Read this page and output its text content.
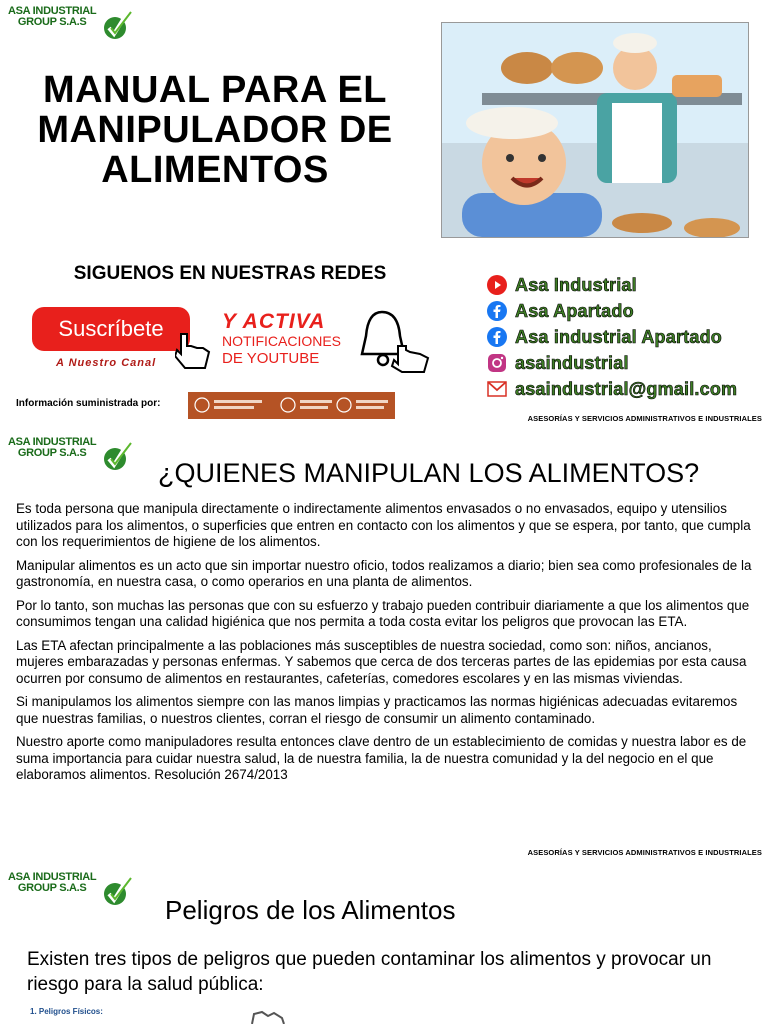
ASA INDUSTRIAL
GROUP S.A.S
MANUAL PARA EL
MANIPULADOR DE
ALIMENTOS
SIGUENOS EN NUESTRAS REDES
Suscríbete
A Nuestro Canal
Y ACTIVA
NOTIFICACIONES
DE YOUTUBE
Información suministrada por:
Asa Industrial
Asa Apartado
Asa industrial Apartado
asaindustrial
asaindustrial@gmail.com
ASESORÍAS Y SERVICIOS ADMINISTRATIVOS E INDUSTRIALES
ASA INDUSTRIAL
GROUP S.A.S
¿QUIENES MANIPULAN LOS ALIMENTOS?

Es toda persona que manipula directamente o indirectamente alimentos envasados o no envasados, equipo y utensilios utilizados para los alimentos, o superficies que entren en contacto con los alimentos y que se espera, por tanto, que cumpla con los requerimientos de higiene de los alimentos.

Manipular alimentos es un acto que sin importar nuestro oficio, todos realizamos a diario; bien sea como profesionales de la gastronomía, en nuestra casa, o como operarios en una planta de alimentos.

Por lo tanto, son muchas las personas que con su esfuerzo y trabajo pueden contribuir diariamente a que los alimentos que consumimos tengan una calidad higiénica que nos permita a toda costa evitar los peligros que provocan las ETA.

Las ETA afectan principalmente a las poblaciones más susceptibles de nuestra sociedad, como son: niños, ancianos, mujeres embarazadas y personas enfermas. Y sabemos que cerca de dos terceras partes de las epidemias por esta causa ocurren por consumo de alimentos en restaurantes, cafeterías, comedores escolares y en las mismas viviendas.

Si manipulamos los alimentos siempre con las manos limpias y practicamos las normas higiénicas adecuadas evitaremos que nuestras familias, o nuestros clientes, corran el riesgo de consumir un alimento contaminado.

Nuestro aporte como manipuladores resulta entonces clave dentro de un establecimiento de comidas y nuestra labor es de suma importancia para cuidar nuestra salud, la de nuestra familia, la de nuestra comunidad y la del negocio en el que elaboramos alimentos. Resolución 2674/2013

ASESORÍAS Y SERVICIOS ADMINISTRATIVOS E INDUSTRIALES
ASA INDUSTRIAL
GROUP S.A.S
Peligros de los Alimentos
Existen tres tipos de peligros que pueden contaminar los alimentos y provocar un riesgo para la salud pública:
1. Peligros Físicos:
